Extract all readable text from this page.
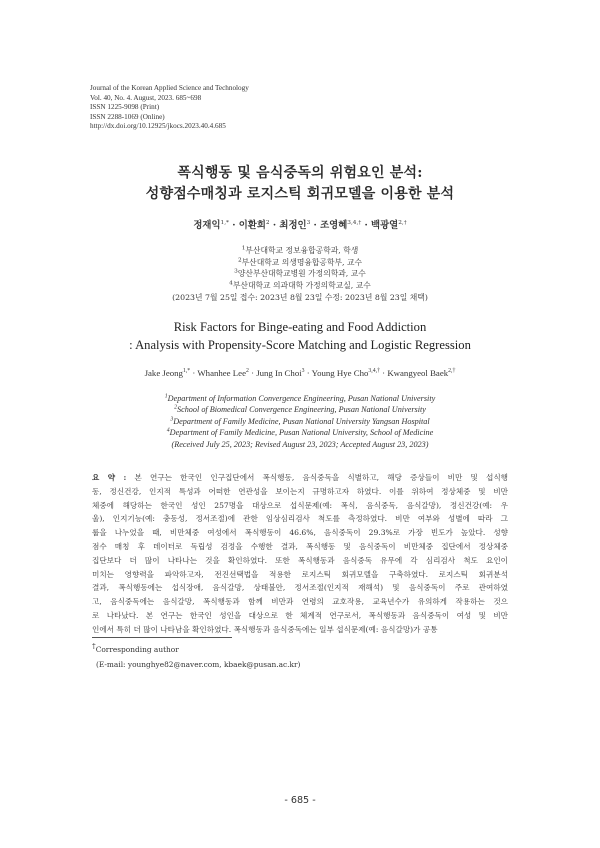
Journal of the Korean Applied Science and Technology
Vol. 40, No. 4. August, 2023. 685~698
ISSN 1225-9098 (Print)
ISSN 2288-1069 (Online)
http://dx.doi.org/10.12925/jkocs.2023.40.4.685
폭식행동 및 음식중독의 위험요인 분석:
성향점수매칭과 로지스틱 회귀모델을 이용한 분석
정재익$^{1,*}$ · 이환희$^2$ · 최정인$^3$ · 조영혜$^{3,4,\dagger}$ · 백광열$^{2,\dagger}$
$^1$부산대학교 정보융합공학과, 학생
$^2$부산대학교 의생명융합공학부, 교수
$^3$양산부산대학교병원 가정의학과, 교수
$^4$부산대학교 의과대학 가정의학교실, 교수
(2023년 7월 25일 접수: 2023년 8월 23일 수정: 2023년 8월 23일 채택)
Risk Factors for Binge-eating and Food Addiction
: Analysis with Propensity-Score Matching and Logistic Regression
Jake Jeong$^{1,*}$ · Whanhee Lee$^2$ · Jung In Choi$^3$ · Young Hye Cho$^{3,4,\dagger}$ · Kwangyeol Baek$^{2,\dagger}$
$^1$Department of Information Convergence Engineering, Pusan National University
$^2$School of Biomedical Convergence Engineering, Pusan National University
$^3$Department of Family Medicine, Pusan National University Yangsan Hospital
$^4$Department of Family Medicine, Pusan National University, School of Medicine
(Received July 25, 2023; Revised August 23, 2023; Accepted August 23, 2023)
요 약 : 본 연구는 한국인 인구집단에서 폭식행동, 음식중독을 식별하고, 해당 증상들이 비만 및 섭식행
동, 정신건강, 인지적 특성과 어떠한 연관성을 보이는지 규명하고자 하였다. 이를 위하여 정상체중 및 비만
체중에 해당하는 한국인 성인 257명을 대상으로 섭식문제(예: 폭식, 음식중독, 음식갈망), 정신건강(예: 우
울), 인지기능(예: 충동성, 정서조절)에 관한 임상심리검사 척도를 측정하였다. 비만 여부와 성별에 따라 그
룹을 나누었을 때, 비만체중 여성에서 폭식행동이 46.6%, 음식중독이 29.3%로 가장 빈도가 높았다. 성향
점수 매칭 후 데이터로 독립성 검정을 수행한 결과, 폭식행동 및 음식중독이 비만체중 집단에서 정상체중
집단보다 더 많이 나타나는 것을 확인하였다. 또한 폭식행동과 음식중독 유무에 각 심리검사 척도 요인이
미치는 영향력을 파악하고자, 전진선택법을 적용한 로지스틱 회귀모델을 구축하였다. 로지스틱 회귀분석
결과, 폭식행동에는 섭식장애, 음식갈망, 상태불안, 정서조절(인지적 재해석) 및 음식중독이 주로 관여하였
고, 음식중독에는 음식갈망, 폭식행동과 함께 비만과 연령의 교호작용, 교육년수가 유의하게 작용하는 것으
로 나타났다. 본 연구는 한국인 성인을 대상으로 한 체계적 연구로서, 폭식행동과 음식중독이 여성 및 비만
인에서 특히 더 많이 나타남을 확인하였다. 폭식행동과 음식중독에는 일부 섭식문제(예: 음식갈망)가 공통
†Corresponding author
(E-mail: younghye82@naver.com, kbaek@pusan.ac.kr)
- 685 -
